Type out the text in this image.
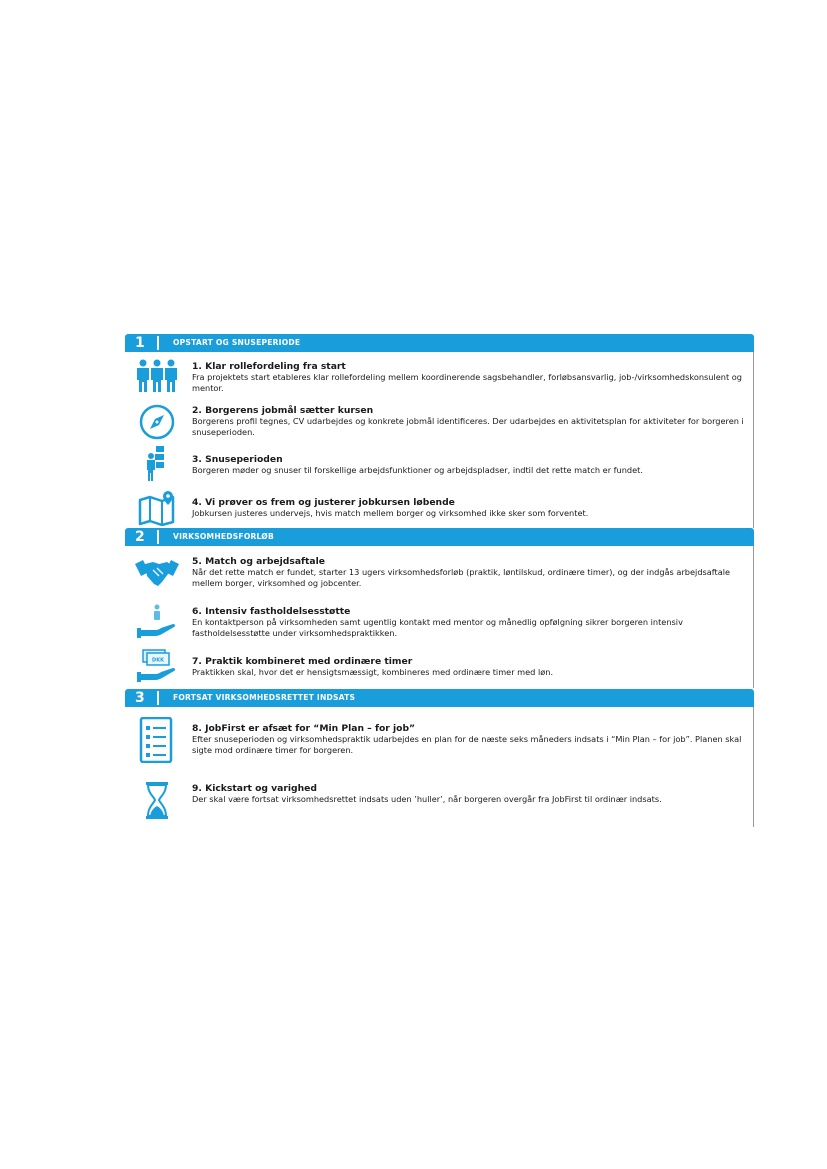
1	OPSTART OG SNUSEPERIODE
1. Klar rollefordeling fra start
Fra projektets start etableres klar rollefordeling mellem koordinerende sagsbehandler, forløbsansvarlig, job-/virksomhedskonsulent og mentor.
2. Borgerens jobmål sætter kursen
Borgerens profil tegnes, CV udarbejdes og konkrete jobmål identificeres. Der udarbejdes en aktivitetsplan for aktiviteter for borgeren i snuseperioden.
3. Snuseperioden
Borgeren møder og snuser til forskellige arbejdsfunktioner og arbejdspladser, indtil det rette match er fundet.
4. Vi prøver os frem og justerer jobkursen løbende
Jobkursen justeres undervejs, hvis match mellem borger og virksomhed ikke sker som forventet.
2	VIRKSOMHEDSFORLØB
5. Match og arbejdsaftale
Når det rette match er fundet, starter 13 ugers virksomhedsforløb (praktik, løntilskud, ordinære timer), og der indgås arbejdsaftale mellem borger, virksomhed og jobcenter.
6. Intensiv fastholdelsesstøtte
En kontaktperson på virksomheden samt ugentlig kontakt med mentor og månedlig opfølgning sikrer borgeren intensiv fastholdelsesstøtte under virksomhedspraktikken.
DKK	7. Praktik kombineret med ordinære timer
Praktikken skal, hvor det er hensigtsmæssigt, kombineres med ordinære timer med løn.
3	FORTSAT VIRKSOMHEDSRETTET INDSATS
8. JobFirst er afsæt for “Min Plan – for job”
Efter snuseperioden og virksomhedspraktik udarbejdes en plan for de næste seks måneders indsats i “Min Plan – for job”. Planen skal sigte mod ordinære timer for borgeren.
9. Kickstart og varighed
Der skal være fortsat virksomhedsrettet indsats uden ’huller’, når borgeren overgår fra JobFirst til ordinær indsats.
